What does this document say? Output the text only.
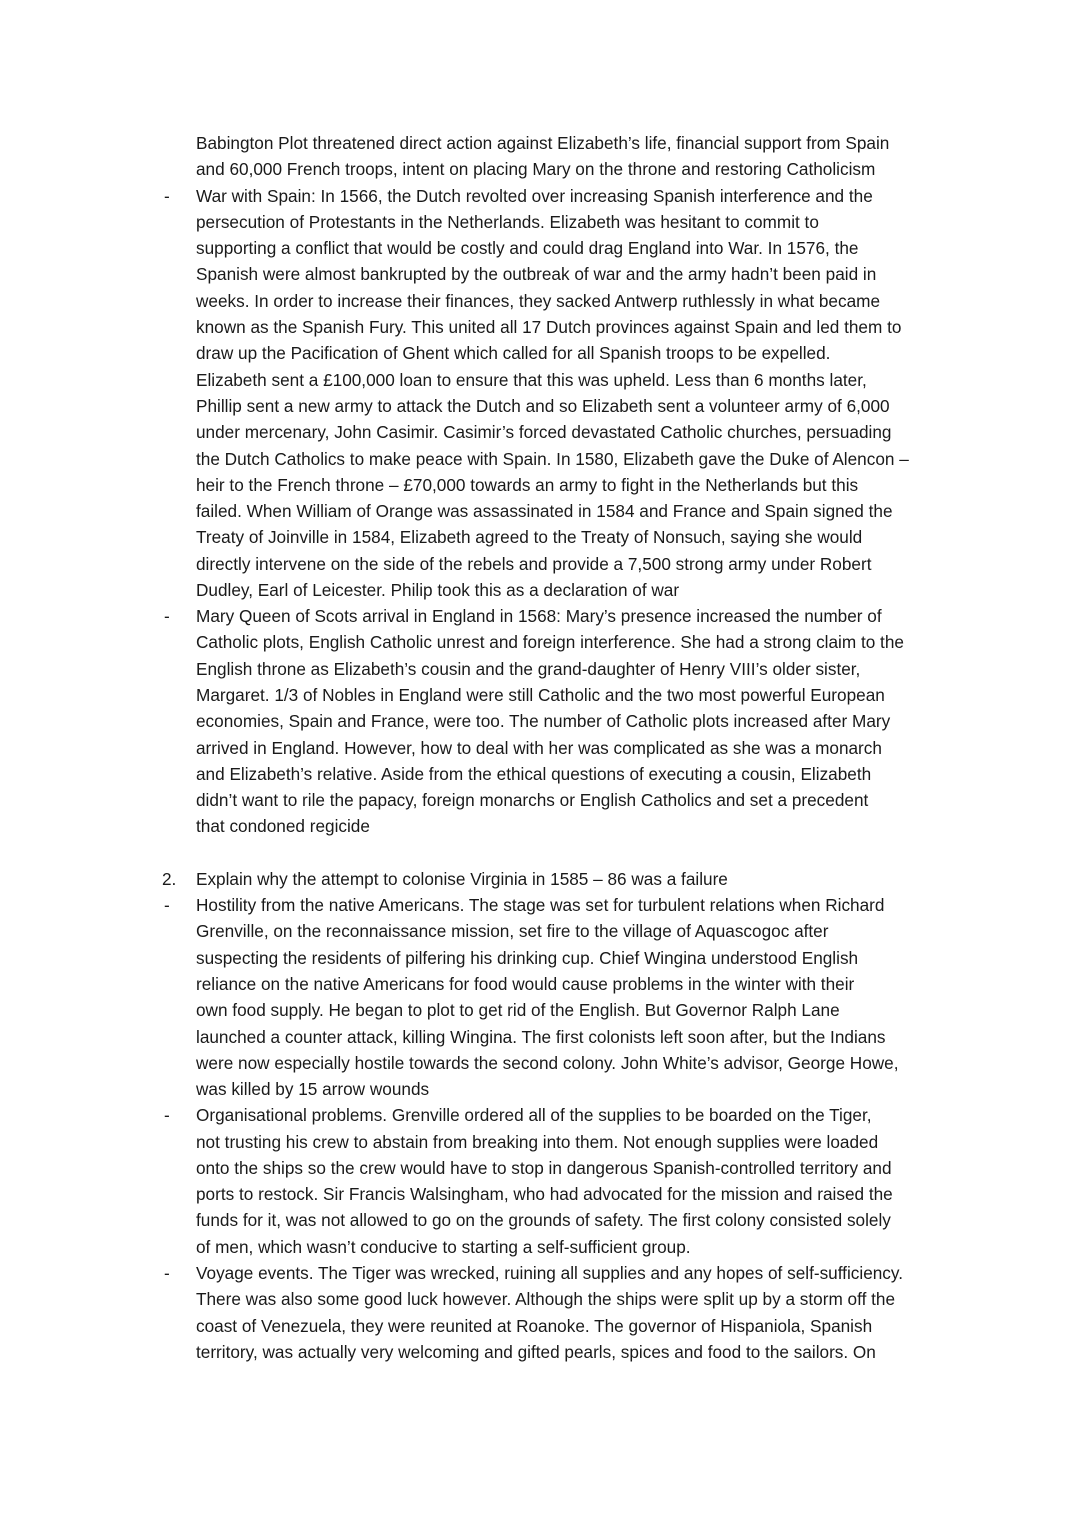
Babington Plot threatened direct action against Elizabeth’s life, financial support from Spain
and 60,000 French troops, intent on placing Mary on the throne and restoring Catholicism
War with Spain: In 1566, the Dutch revolted over increasing Spanish interference and the
persecution of Protestants in the Netherlands. Elizabeth was hesitant to commit to
supporting a conflict that would be costly and could drag England into War. In 1576, the
Spanish were almost bankrupted by the outbreak of war and the army hadn’t been paid in
weeks. In order to increase their finances, they sacked Antwerp ruthlessly in what became
known as the Spanish Fury. This united all 17 Dutch provinces against Spain and led them to
draw up the Pacification of Ghent which called for all Spanish troops to be expelled.
Elizabeth sent a £100,000 loan to ensure that this was upheld. Less than 6 months later,
Phillip sent a new army to attack the Dutch and so Elizabeth sent a volunteer army of 6,000
under mercenary, John Casimir. Casimir’s forced devastated Catholic churches, persuading
the Dutch Catholics to make peace with Spain. In 1580, Elizabeth gave the Duke of Alencon –
heir to the French throne – £70,000 towards an army to fight in the Netherlands but this
failed. When William of Orange was assassinated in 1584 and France and Spain signed the
Treaty of Joinville in 1584, Elizabeth agreed to the Treaty of Nonsuch, saying she would
directly intervene on the side of the rebels and provide a 7,500 strong army under Robert
Dudley, Earl of Leicester. Philip took this as a declaration of war
Mary Queen of Scots arrival in England in 1568: Mary’s presence increased the number of
Catholic plots, English Catholic unrest and foreign interference. She had a strong claim to the
English throne as Elizabeth’s cousin and the grand-daughter of Henry VIII’s older sister,
Margaret. 1/3 of Nobles in England were still Catholic and the two most powerful European
economies, Spain and France, were too. The number of Catholic plots increased after Mary
arrived in England. However, how to deal with her was complicated as she was a monarch
and Elizabeth’s relative. Aside from the ethical questions of executing a cousin, Elizabeth
didn’t want to rile the papacy, foreign monarchs or English Catholics and set a precedent
that condoned regicide
Explain why the attempt to colonise Virginia in 1585 – 86 was a failure
Hostility from the native Americans. The stage was set for turbulent relations when Richard
Grenville, on the reconnaissance mission, set fire to the village of Aquascogoc after
suspecting the residents of pilfering his drinking cup. Chief Wingina understood English
reliance on the native Americans for food would cause problems in the winter with their
own food supply. He began to plot to get rid of the English. But Governor Ralph Lane
launched a counter attack, killing Wingina. The first colonists left soon after, but the Indians
were now especially hostile towards the second colony. John White’s advisor, George Howe,
was killed by 15 arrow wounds
Organisational problems. Grenville ordered all of the supplies to be boarded on the Tiger,
not trusting his crew to abstain from breaking into them. Not enough supplies were loaded
onto the ships so the crew would have to stop in dangerous Spanish-controlled territory and
ports to restock. Sir Francis Walsingham, who had advocated for the mission and raised the
funds for it, was not allowed to go on the grounds of safety. The first colony consisted solely
of men, which wasn’t conducive to starting a self-sufficient group.
Voyage events. The Tiger was wrecked, ruining all supplies and any hopes of self-sufficiency.
There was also some good luck however. Although the ships were split up by a storm off the
coast of Venezuela, they were reunited at Roanoke. The governor of Hispaniola, Spanish
territory, was actually very welcoming and gifted pearls, spices and food to the sailors. On
-
-
2.
-
-
-
